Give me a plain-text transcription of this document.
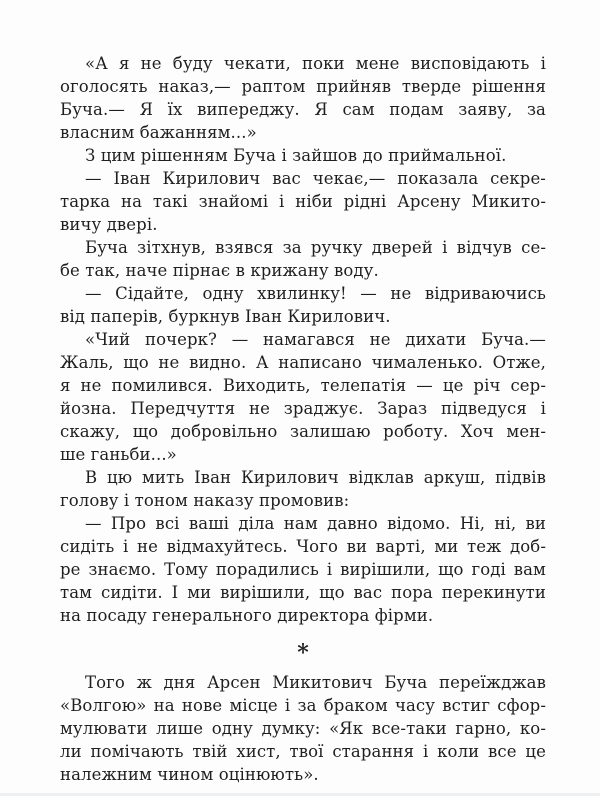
«А я не буду чекати, поки мене висповідають і
оголосять наказ,— раптом прийняв тверде рішення
Буча.— Я їх випереджу. Я сам подам заяву, за
власним бажанням...»
З цим рішенням Буча і зайшов до приймальної.
— Іван Кирилович вас чекає,— показала секре-
тарка на такі знайомі і ніби рідні Арсену Микито-
вичу двері.
Буча зітхнув, взявся за ручку дверей і відчув се-
бе так, наче пірнає в крижану воду.
— Сідайте, одну хвилинку! — не відриваючись
від паперів, буркнув Іван Кирилович.
«Чий почерк? — намагався не дихати Буча.—
Жаль, що не видно. А написано чималенько. Отже,
я не помилився. Виходить, телепатія — це річ сер-
йозна. Передчуття не зраджує. Зараз підведуся і
скажу, що добровільно залишаю роботу. Хоч мен-
ше ганьби...»
В цю мить Іван Кирилович відклав аркуш, підвів
голову і тоном наказу промовив:
— Про всі ваші діла нам давно відомо. Ні, ні, ви
сидіть і не відмахуйтесь. Чого ви варті, ми теж доб-
ре знаємо. Тому порадились і вирішили, що годі вам
там сидіти. І ми вирішили, що вас пора перекинути
на посаду генерального директора фірми.
*
Того ж дня Арсен Микитович Буча переїжджав
«Волгою» на нове місце і за браком часу встиг сфор-
мулювати лише одну думку: «Як все-таки гарно, ко-
ли помічають твій хист, твої старання і коли все це
належним чином оцінюють».
